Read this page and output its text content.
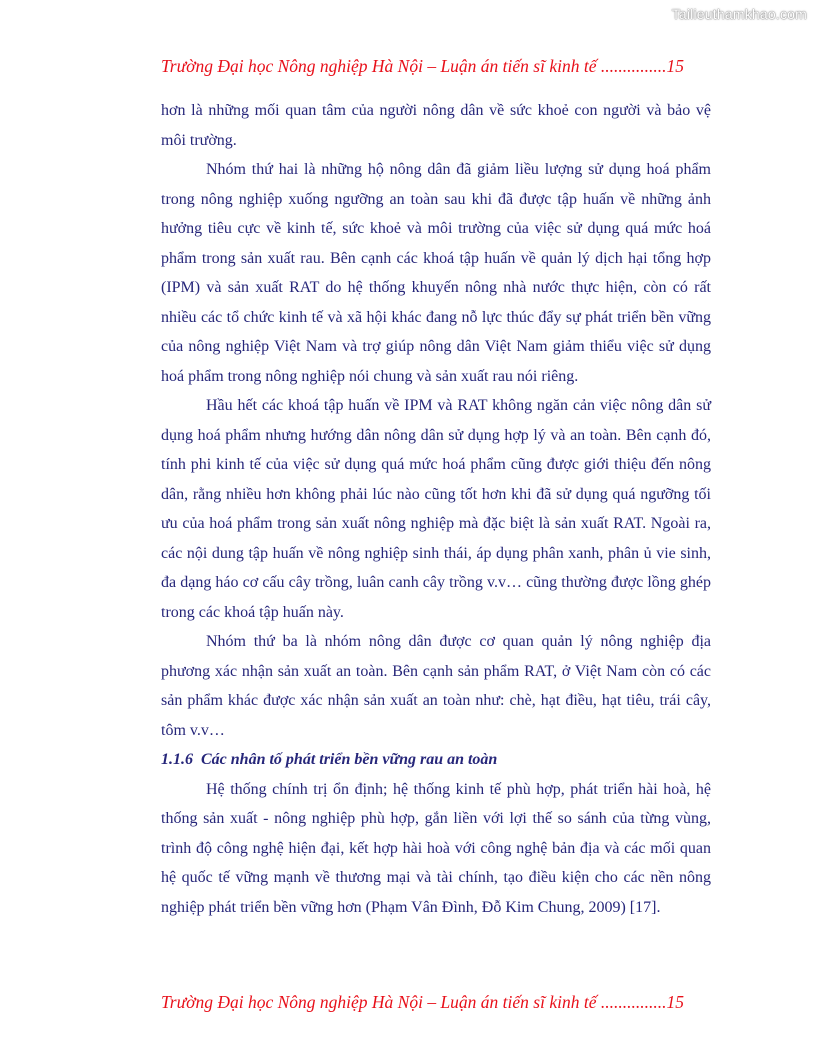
Tailieuthamkhao.com
Trường Đại học Nông nghiệp Hà Nội – Luận án tiến sĩ kinh tế ...............15

hơn là những mối quan tâm của người nông dân về sức khoẻ con người và bảo vệ môi trường.

Nhóm thứ hai là những hộ nông dân đã giảm liều lượng sử dụng hoá phẩm trong nông nghiệp xuống ngưỡng an toàn sau khi đã được tập huấn về những ảnh hưởng tiêu cực về kinh tế, sức khoẻ và môi trường của việc sử dụng quá mức hoá phẩm trong sản xuất rau. Bên cạnh các khoá tập huấn về quản lý dịch hại tổng hợp (IPM) và sản xuất RAT do hệ thống khuyến nông nhà nước thực hiện, còn có rất nhiều các tổ chức kinh tế và xã hội khác đang nỗ lực thúc đẩy sự phát triển bền vững của nông nghiệp Việt Nam và trợ giúp nông dân Việt Nam giảm thiểu việc sử dụng hoá phẩm trong nông nghiệp nói chung và sản xuất rau nói riêng.

Hầu hết các khoá tập huấn về IPM và RAT không ngăn cản việc nông dân sử dụng hoá phẩm nhưng hướng dân nông dân sử dụng hợp lý và an toàn. Bên cạnh đó, tính phi kinh tế của việc sử dụng quá mức hoá phẩm cũng được giới thiệu đến nông dân, rằng nhiều hơn không phải lúc nào cũng tốt hơn khi đã sử dụng quá ngưỡng tối ưu của hoá phẩm trong sản xuất nông nghiệp mà đặc biệt là sản xuất RAT. Ngoài ra, các nội dung tập huấn về nông nghiệp sinh thái, áp dụng phân xanh, phân ủ vie sinh, đa dạng háo cơ cấu cây trồng, luân canh cây trồng v.v… cũng thường được lồng ghép trong các khoá tập huấn này.

Nhóm thứ ba là nhóm nông dân được cơ quan quản lý nông nghiệp địa phương xác nhận sản xuất an toàn. Bên cạnh sản phẩm RAT, ở Việt Nam còn có các sản phẩm khác được xác nhận sản xuất an toàn như: chè, hạt điều, hạt tiêu, trái cây, tôm v.v…

1.1.6 Các nhân tố phát triển bền vững rau an toàn

Hệ thống chính trị ổn định; hệ thống kinh tế phù hợp, phát triển hài hoà, hệ thống sản xuất - nông nghiệp phù hợp, gắn liền với lợi thế so sánh của từng vùng, trình độ công nghệ hiện đại, kết hợp hài hoà với công nghệ bản địa và các mối quan hệ quốc tế vững mạnh về thương mại và tài chính, tạo điều kiện cho các nền nông nghiệp phát triển bền vững hơn (Phạm Vân Đình, Đỗ Kim Chung, 2009) [17].

Trường Đại học Nông nghiệp Hà Nội – Luận án tiến sĩ kinh tế ...............15
